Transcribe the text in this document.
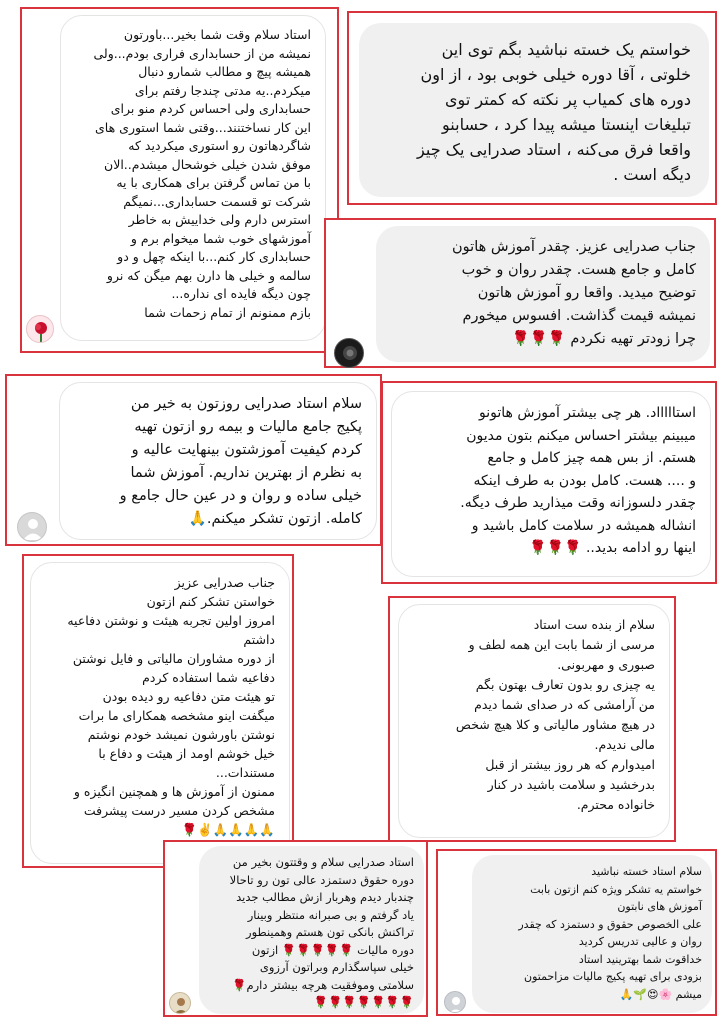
استاد سلام وقت شما بخیر...باورتون
نمیشه من از حسابداری فراری بودم...ولی
همیشه پیچ و مطالب شمارو دنبال
میکردم..یه مدتی چندجا رفتم برای
حسابداری ولی احساس کردم منو برای
این کار نساختنند...وقتی شما استوری های
شاگردهاتون رو استوری میکردید که
موفق شدن خیلی خوشحال میشدم..الان
با من تماس گرفتن برای همکاری با یه
شرکت تو قسمت حسابداری...نمیگم
استرس دارم ولی خداییش به خاطر
آموزشهای خوب شما میخوام برم و
حسابداری کار کنم...با اینکه چهل و دو
سالمه و خیلی ها دارن بهم میگن که نرو
چون دیگه فایده ای نداره...
بازم ممنونم از تمام زحمات شما
خواستم یک خسته نباشید بگم توی این
خلوتی ، آقا دوره خیلی خوبی بود ، از اون
دوره های کمیاب پر نکته که کمتر توی
تبلیغات اینستا میشه پیدا کرد ، حسابنو
واقعا فرق می‌کنه ، استاد صدرایی یک چیز
دیگه است .
جناب صدرایی عزیز. چقدر آموزش هاتون
کامل و جامع هست. چقدر روان و خوب
توضیح میدید. واقعا رو آموزش هاتون
نمیشه قیمت گذاشت. افسوس میخورم
چرا زودتر تهیه نکردم 🌹🌹🌹
سلام استاد صدرایی روزتون به خیر من
پکیج جامع مالیات و بیمه رو ازتون تهیه
کردم کیفیت آموزشتون بینهایت عالیه و
به نظرم از بهترین نداریم. آموزش شما
خیلی ساده و روان و در عین حال جامع و
کامله. ازتون تشکر میکنم.🙏
استاااااد. هر چی بیشتر آموزش هاتونو
میبینم بیشتر احساس میکنم بتون مدیون
هستم. از بس همه چیز کامل و جامع
و .... هست. کامل بودن به طرف اینکه
چقدر دلسوزانه وقت میذارید طرف دیگه.
انشاله همیشه در سلامت کامل باشید و
اینها رو ادامه بدید.. 🌹🌹🌹
جناب صدرایی عزیز
خواستن تشکر کنم ازتون
امروز اولین تجربه هیئت و نوشتن دفاعیه
داشتم
از دوره مشاوران مالیاتی و فایل نوشتن
دفاعیه شما استفاده کردم
تو هیئت متن دفاعیه رو دیده بودن
میگفت اینو مشخصه همکارای ما برات
نوشتن باورشون نمیشد خودم نوشتم
خیل خوشم اومد از هیئت و دفاع با
مستندات...
ممنون از آموزش ها و همچنین انگیزه و
مشخص کردن مسیر درست پیشرفت
🙏🙏🙏🙏✌️🌹
سلام از بنده ست استاد
مرسی از شما بابت این همه لطف و
صبوری و مهربونی.
یه چیزی رو بدون تعارف بهتون بگم
من آرامشی که در صدای شما دیدم
در هیچ مشاور مالیاتی و کلا هیچ شخص
مالی ندیدم.
امیدوارم که هر روز بیشتر از قبل
بدرخشید و سلامت باشید در کنار
خانواده محترم.
استاد صدرایی سلام و وقتتون بخیر من
دوره حقوق دستمزد عالی تون رو تاحالا
چندبار دیدم وهربار ازش مطالب جدید
یاد گرفتم و بی صبرانه منتظر وبینار
تراکنش بانکی تون هستم وهمینطور
دوره مالیات 🌹🌹🌹🌹🌹 ازتون
خیلی سپاسگذارم وبراتون آرزوی
سلامتی وموفقیت هرچه بیشتر دارم🌹
🌹🌹🌹🌹🌹🌹🌹
سلام استاد خسته نباشید
خواستم یه تشکر ویژه کنم ازتون بابت
آموزش های نابتون
علی الخصوص حقوق و دستمزد که چقدر
روان و عالیی تدریس کردید
خداقوت شما بهترینید استاد
بزودی برای تهیه پکیج مالیات مزاحمتون
میشم 🌸😍🌱🙏
